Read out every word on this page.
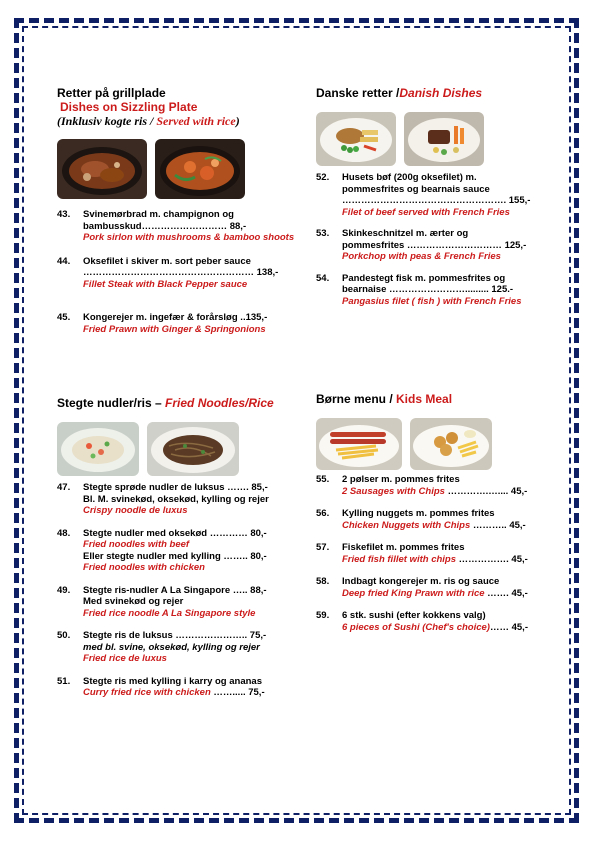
Retter på grillplade
Dishes on Sizzling Plate
(Inklusiv kogte ris / Served with rice)
43.	Svinemørbrad m. champignon og
bambusskud……………………… 88,-
Pork sirlon with mushrooms & bamboo shoots
44.	Oksefilet i skiver m. sort peber sauce
……………………………………………… 138,-
Fillet Steak with Black Pepper sauce
45.	Kongerejer m. ingefær & forårsløg ..135,-
Fried Prawn with Ginger & Springonions
Danske retter /Danish Dishes
52.	Husets bøf (200g oksefilet) m.
pommesfrites og bearnais sauce
……………………………………………. 155,-
Filet of beef served with French Fries
53.	Skinkeschnitzel m. ærter og
pommesfrites ………………………… 125,-
Porkchop with peas & French Fries
54.	Pandestegt fisk m. pommesfrites og
bearnaise ……………………......... 125.-
Pangasius filet ( fish ) with French Fries
Stegte nudler/ris – Fried Noodles/Rice
47.	Stegte sprøde nudler de luksus ……. 85,-
Bl. M. svinekød, oksekød, kylling og rejer
Crispy noodle de luxus
48.	Stegte nudler med oksekød ………… 80,-
Fried noodles with beef
Eller stegte nudler med kylling …….. 80,-
Fried noodles with chicken
49.	Stegte ris-nudler A La Singapore ….. 88,-
Med svinekød og rejer
Fried rice noodle A La Singapore style
50.	Stegte ris de luksus ………………….. 75,-
med bl. svine, oksekød, kylling og rejer
Fried rice de luxus
51.	Stegte ris med kylling i karry og ananas
Curry fried rice with chicken ……..... 75,-
Børne menu / Kids Meal
55.	2 pølser m. pommes frites
2 Sausages with Chips ………….….... 45,-
56.	Kylling nuggets m. pommes frites
Chicken Nuggets with Chips ……….. 45,-
57.	Fiskefilet m. pommes frites
Fried fish fillet with chips ……………. 45,-
58.	Indbagt kongerejer m. ris og sauce
Deep fried King Prawn with rice ……. 45,-
59.	6 stk. sushi (efter kokkens valg)
6 pieces of Sushi (Chef's choice)…… 45,-
